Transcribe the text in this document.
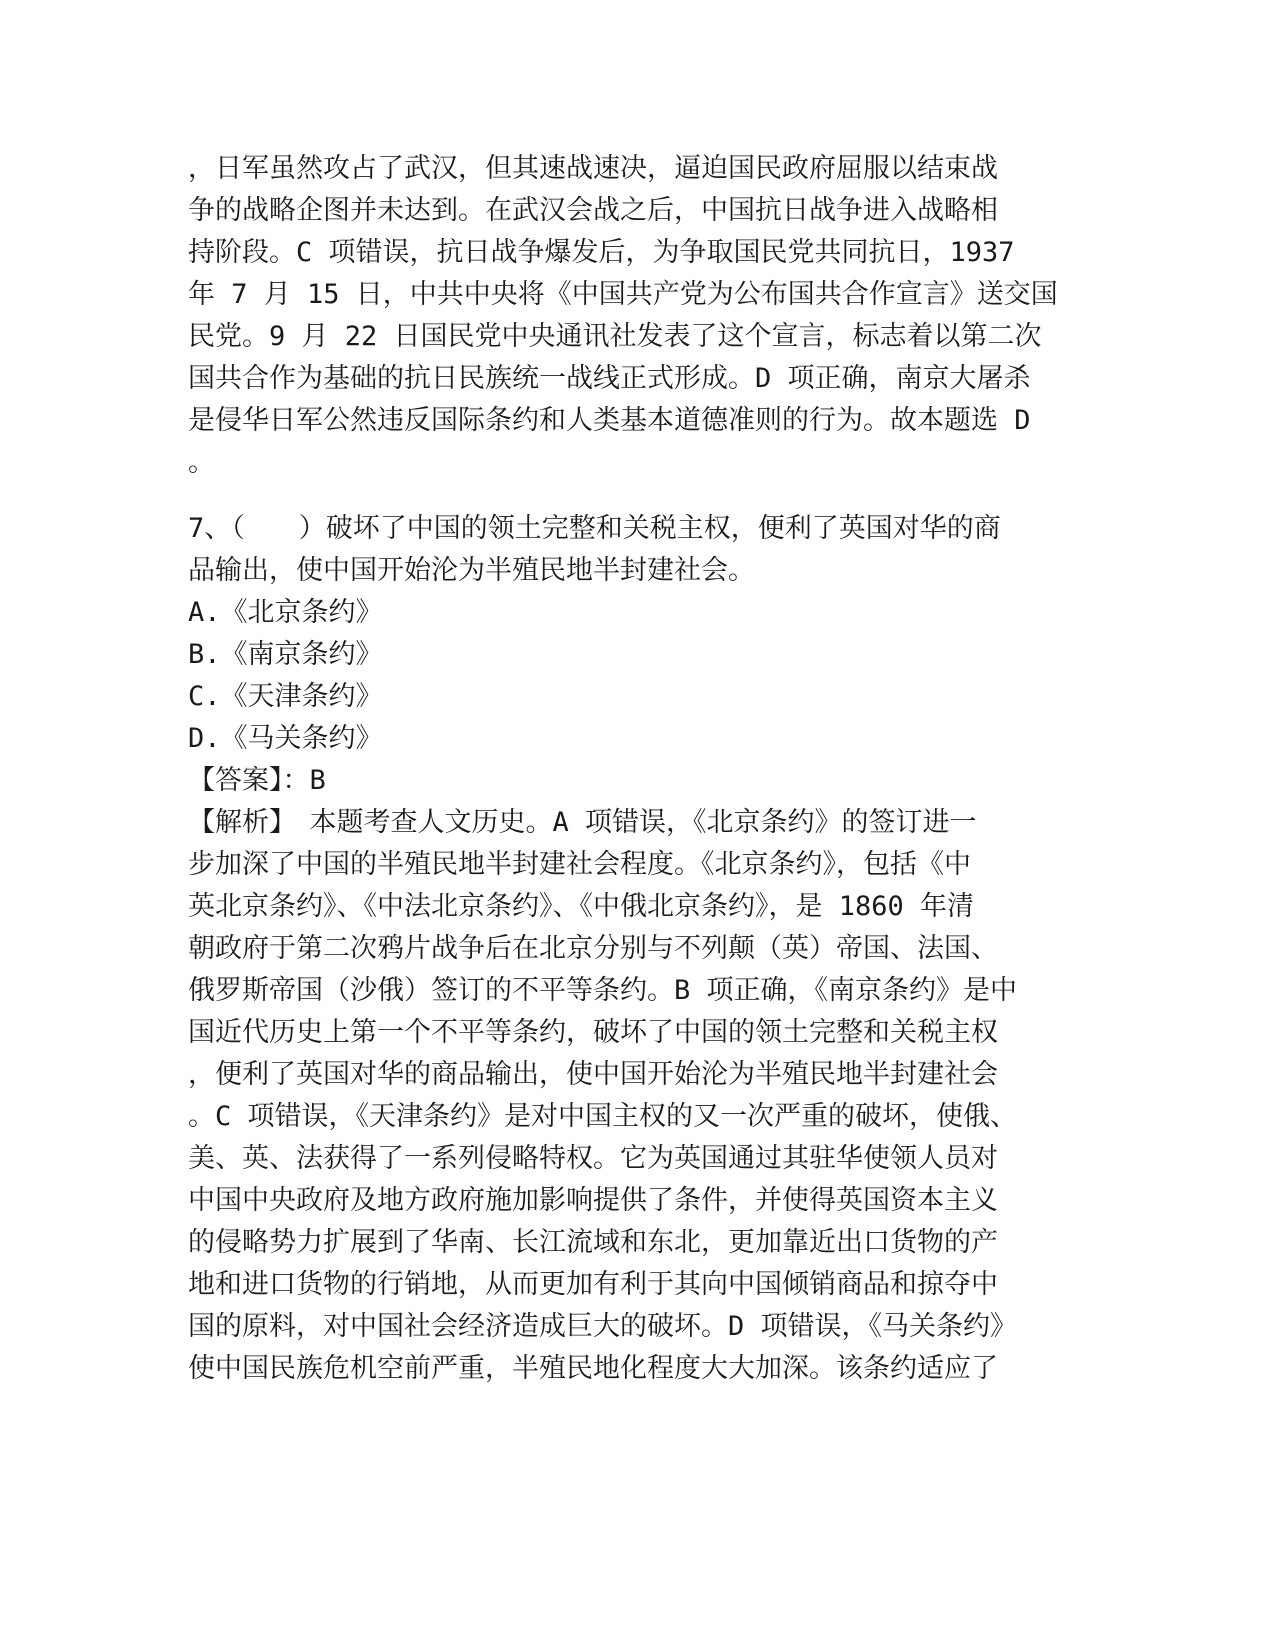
，日军虽然攻占了武汉，但其速战速决，逼迫国民政府屈服以结束战

争的战略企图并未达到。在武汉会战之后，中国抗日战争进入战略相

持阶段。C 项错误，抗日战争爆发后，为争取国民党共同抗日，1937

年 7 月 15 日，中共中央将《中国共产党为公布国共合作宣言》送交国

民党。9 月 22 日国民党中央通讯社发表了这个宣言，标志着以第二次

国共合作为基础的抗日民族统一战线正式形成。D 项正确，南京大屠杀

是侵华日军公然违反国际条约和人类基本道德准则的行为。故本题选 D

。

7、（　　）破坏了中国的领土完整和关税主权，便利了英国对华的商

品输出，使中国开始沦为半殖民地半封建社会。

A.《北京条约》

B.《南京条约》

C.《天津条约》

D.《马关条约》

【答案】：B

【解析】　本题考查人文历史。A 项错误，《北京条约》的签订进一

步加深了中国的半殖民地半封建社会程度。《北京条约》，包括《中

英北京条约》、《中法北京条约》、《中俄北京条约》，是 1860 年清

朝政府于第二次鸦片战争后在北京分别与不列颠（英）帝国、法国、

俄罗斯帝国（沙俄）签订的不平等条约。B 项正确，《南京条约》是中

国近代历史上第一个不平等条约，破坏了中国的领土完整和关税主权

，便利了英国对华的商品输出，使中国开始沦为半殖民地半封建社会

。C 项错误，《天津条约》是对中国主权的又一次严重的破坏，使俄、

美、英、法获得了一系列侵略特权。它为英国通过其驻华使领人员对

中国中央政府及地方政府施加影响提供了条件，并使得英国资本主义

的侵略势力扩展到了华南、长江流域和东北，更加靠近出口货物的产

地和进口货物的行销地，从而更加有利于其向中国倾销商品和掠夺中

国的原料，对中国社会经济造成巨大的破坏。D 项错误，《马关条约》

使中国民族危机空前严重，半殖民地化程度大大加深。该条约适应了
